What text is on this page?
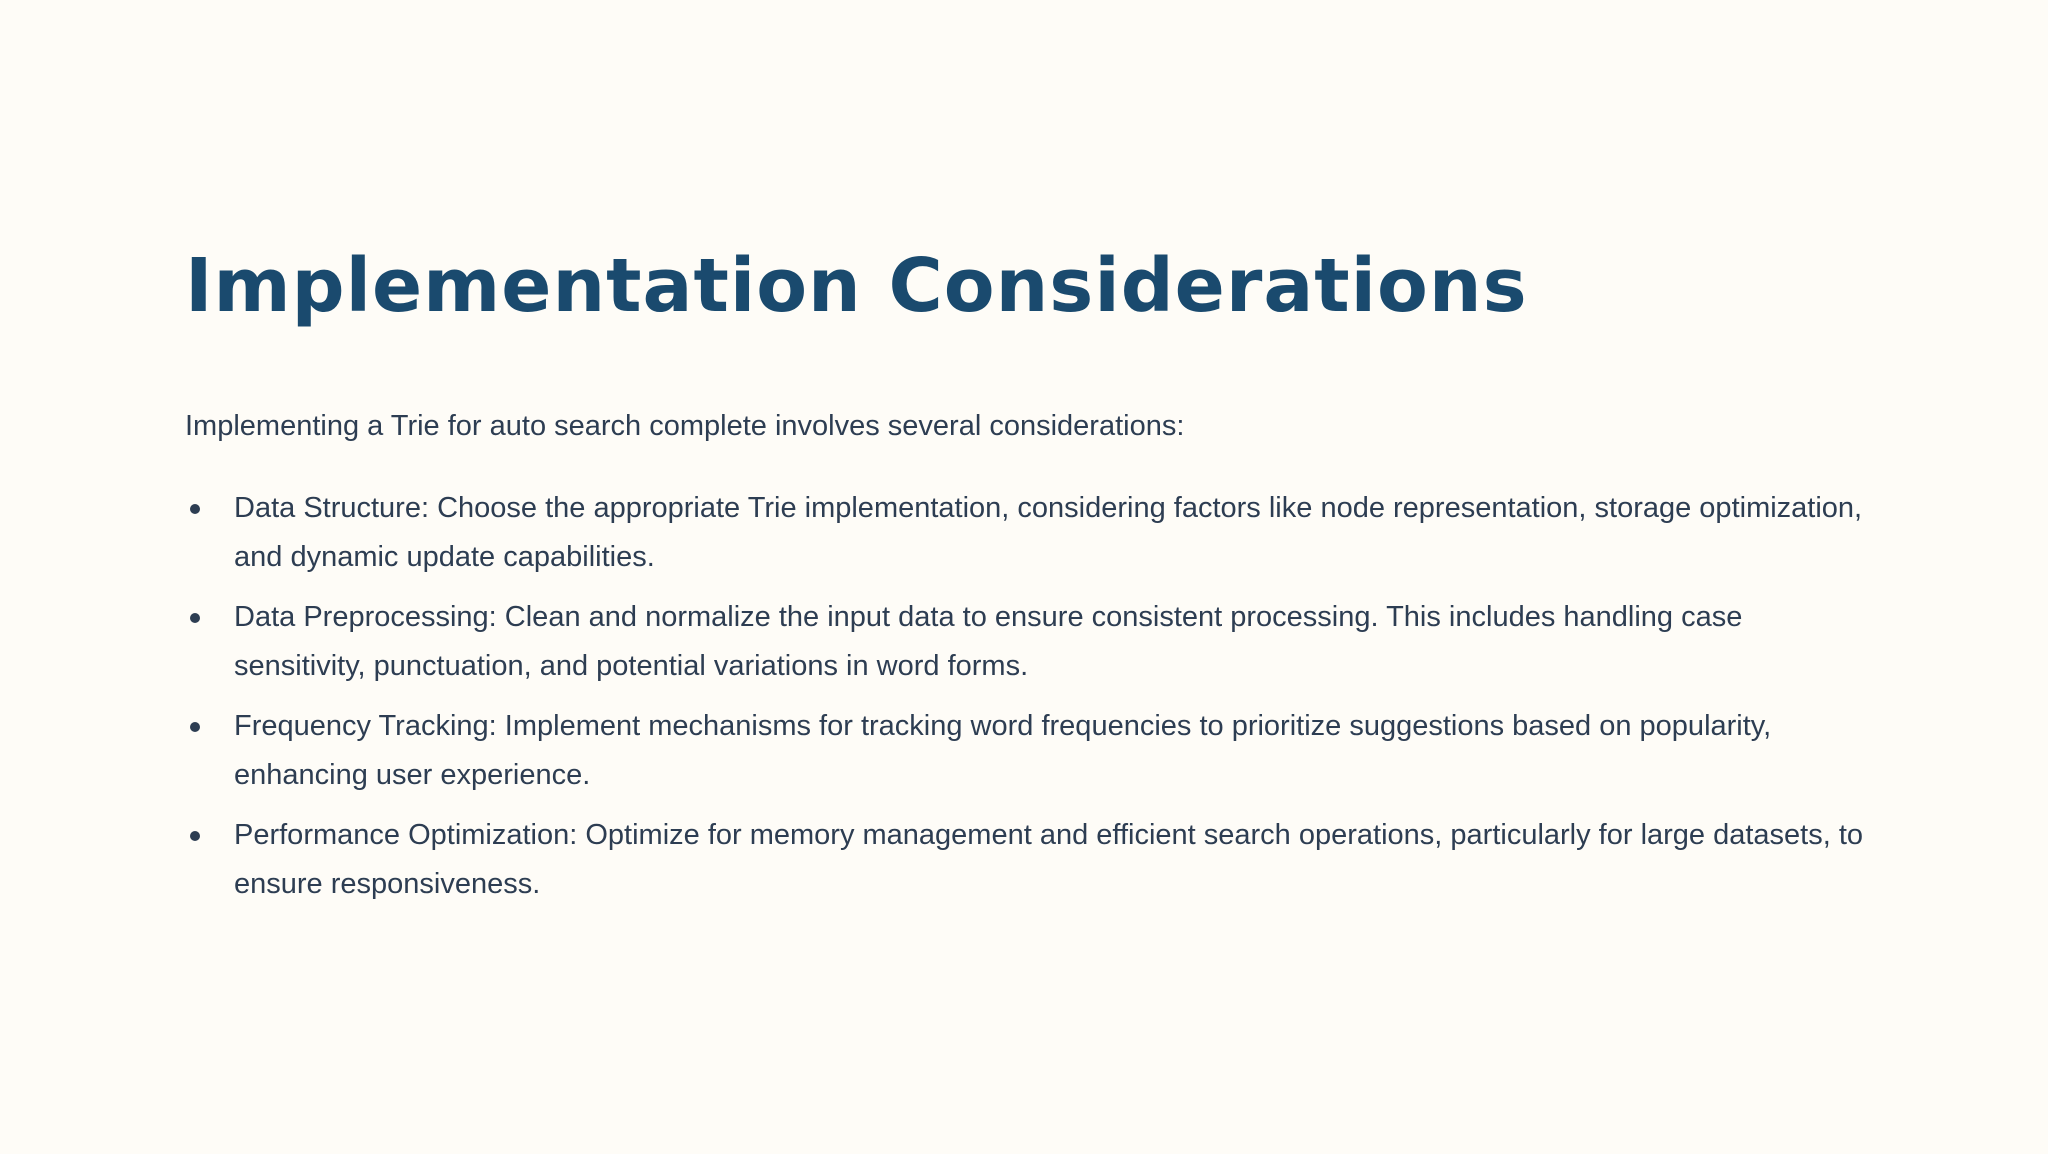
Implementation Considerations

Implementing a Trie for auto search complete involves several considerations:

Data Structure: Choose the appropriate Trie implementation, considering factors like node representation, storage optimization, and dynamic update capabilities.
Data Preprocessing: Clean and normalize the input data to ensure consistent processing. This includes handling case sensitivity, punctuation, and potential variations in word forms.
Frequency Tracking: Implement mechanisms for tracking word frequencies to prioritize suggestions based on popularity, enhancing user experience.
Performance Optimization: Optimize for memory management and efficient search operations, particularly for large datasets, to ensure responsiveness.
